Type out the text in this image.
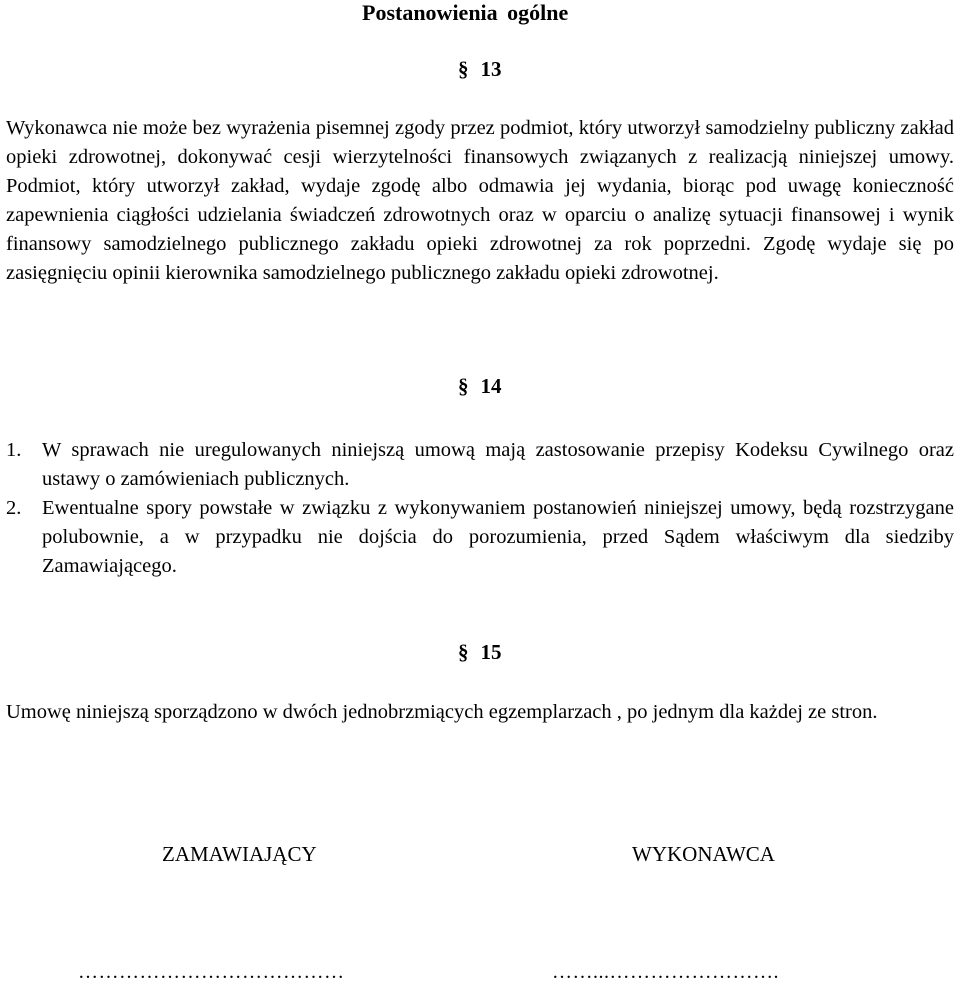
Postanowienia ogólne
§ 13

Wykonawca nie może bez wyrażenia pisemnej zgody przez podmiot, który utworzył samodzielny publiczny zakład opieki zdrowotnej, dokonywać cesji wierzytelności finansowych związanych z realizacją niniejszej umowy. Podmiot, który utworzył zakład, wydaje zgodę albo odmawia jej wydania, biorąc pod uwagę konieczność zapewnienia ciągłości udzielania świadczeń zdrowotnych oraz w oparciu o analizę sytuacji finansowej i wynik finansowy samodzielnego publicznego zakładu opieki zdrowotnej za rok poprzedni. Zgodę wydaje się po zasięgnięciu opinii kierownika samodzielnego publicznego zakładu opieki zdrowotnej.

§ 14
1. W sprawach nie uregulowanych niniejszą umową mają zastosowanie przepisy Kodeksu Cywilnego oraz ustawy o zamówieniach publicznych.
2. Ewentualne spory powstałe w związku z wykonywaniem postanowień niniejszej umowy, będą rozstrzygane polubownie, a w przypadku nie dojścia do porozumienia, przed Sądem właściwym dla siedziby Zamawiającego.
§ 15

Umowę niniejszą sporządzono w dwóch jednobrzmiących egzemplarzach , po jednym dla każdej ze stron.

ZAMAWIAJĄCY	WYKONAWCA
…………………………………	……...…………………….
